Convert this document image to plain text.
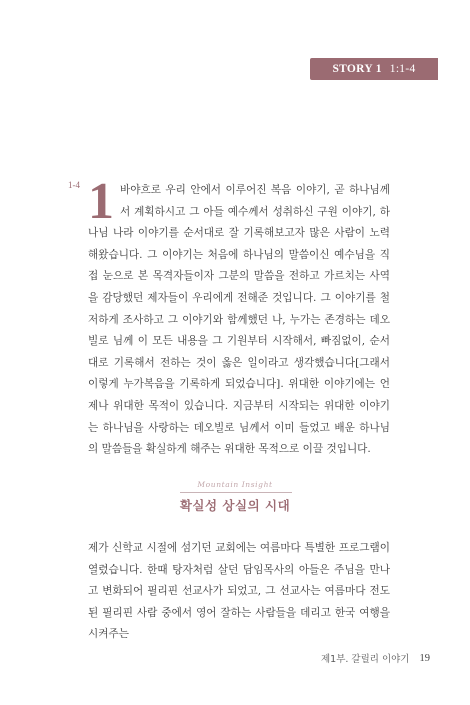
STORY 1 1:1-4
1-4 1 바야흐로 우리 안에서 이루어진 복음 이야기, 곧 하나님께서 계획하시고 그 아들 예수께서 성취하신 구원 이야기, 하나님 나라 이야기를 순서대로 잘 기록해보고자 많은 사람이 노력해왔습니다. 그 이야기는 처음에 하나님의 말씀이신 예수님을 직접 눈으로 본 목격자들이자 그분의 말씀을 전하고 가르치는 사역을 감당했던 제자들이 우리에게 전해준 것입니다. 그 이야기를 철저하게 조사하고 그 이야기와 함께했던 나, 누가는 존경하는 데오빌로 님께 이 모든 내용을 그 기원부터 시작해서, 빠짐없이, 순서대로 기록해서 전하는 것이 옳은 일이라고 생각했습니다[그래서 이렇게 누가복음을 기록하게 되었습니다]. 위대한 이야기에는 언제나 위대한 목적이 있습니다. 지금부터 시작되는 위대한 이야기는 하나님을 사랑하는 데오빌로 님께서 이미 들었고 배운 하나님의 말씀들을 확실하게 해주는 위대한 목적으로 이끌 것입니다.

Mountain Insight
확실성 상실의 시대

제가 신학교 시절에 섬기던 교회에는 여름마다 특별한 프로그램이 열렸습니다. 한때 탕자처럼 살던 담임목사의 아들은 주님을 만나고 변화되어 필리핀 선교사가 되었고, 그 선교사는 여름마다 전도된 필리핀 사람 중에서 영어 잘하는 사람들을 데리고 한국 여행을 시켜주는

제1부. 갈릴리 이야기 19
